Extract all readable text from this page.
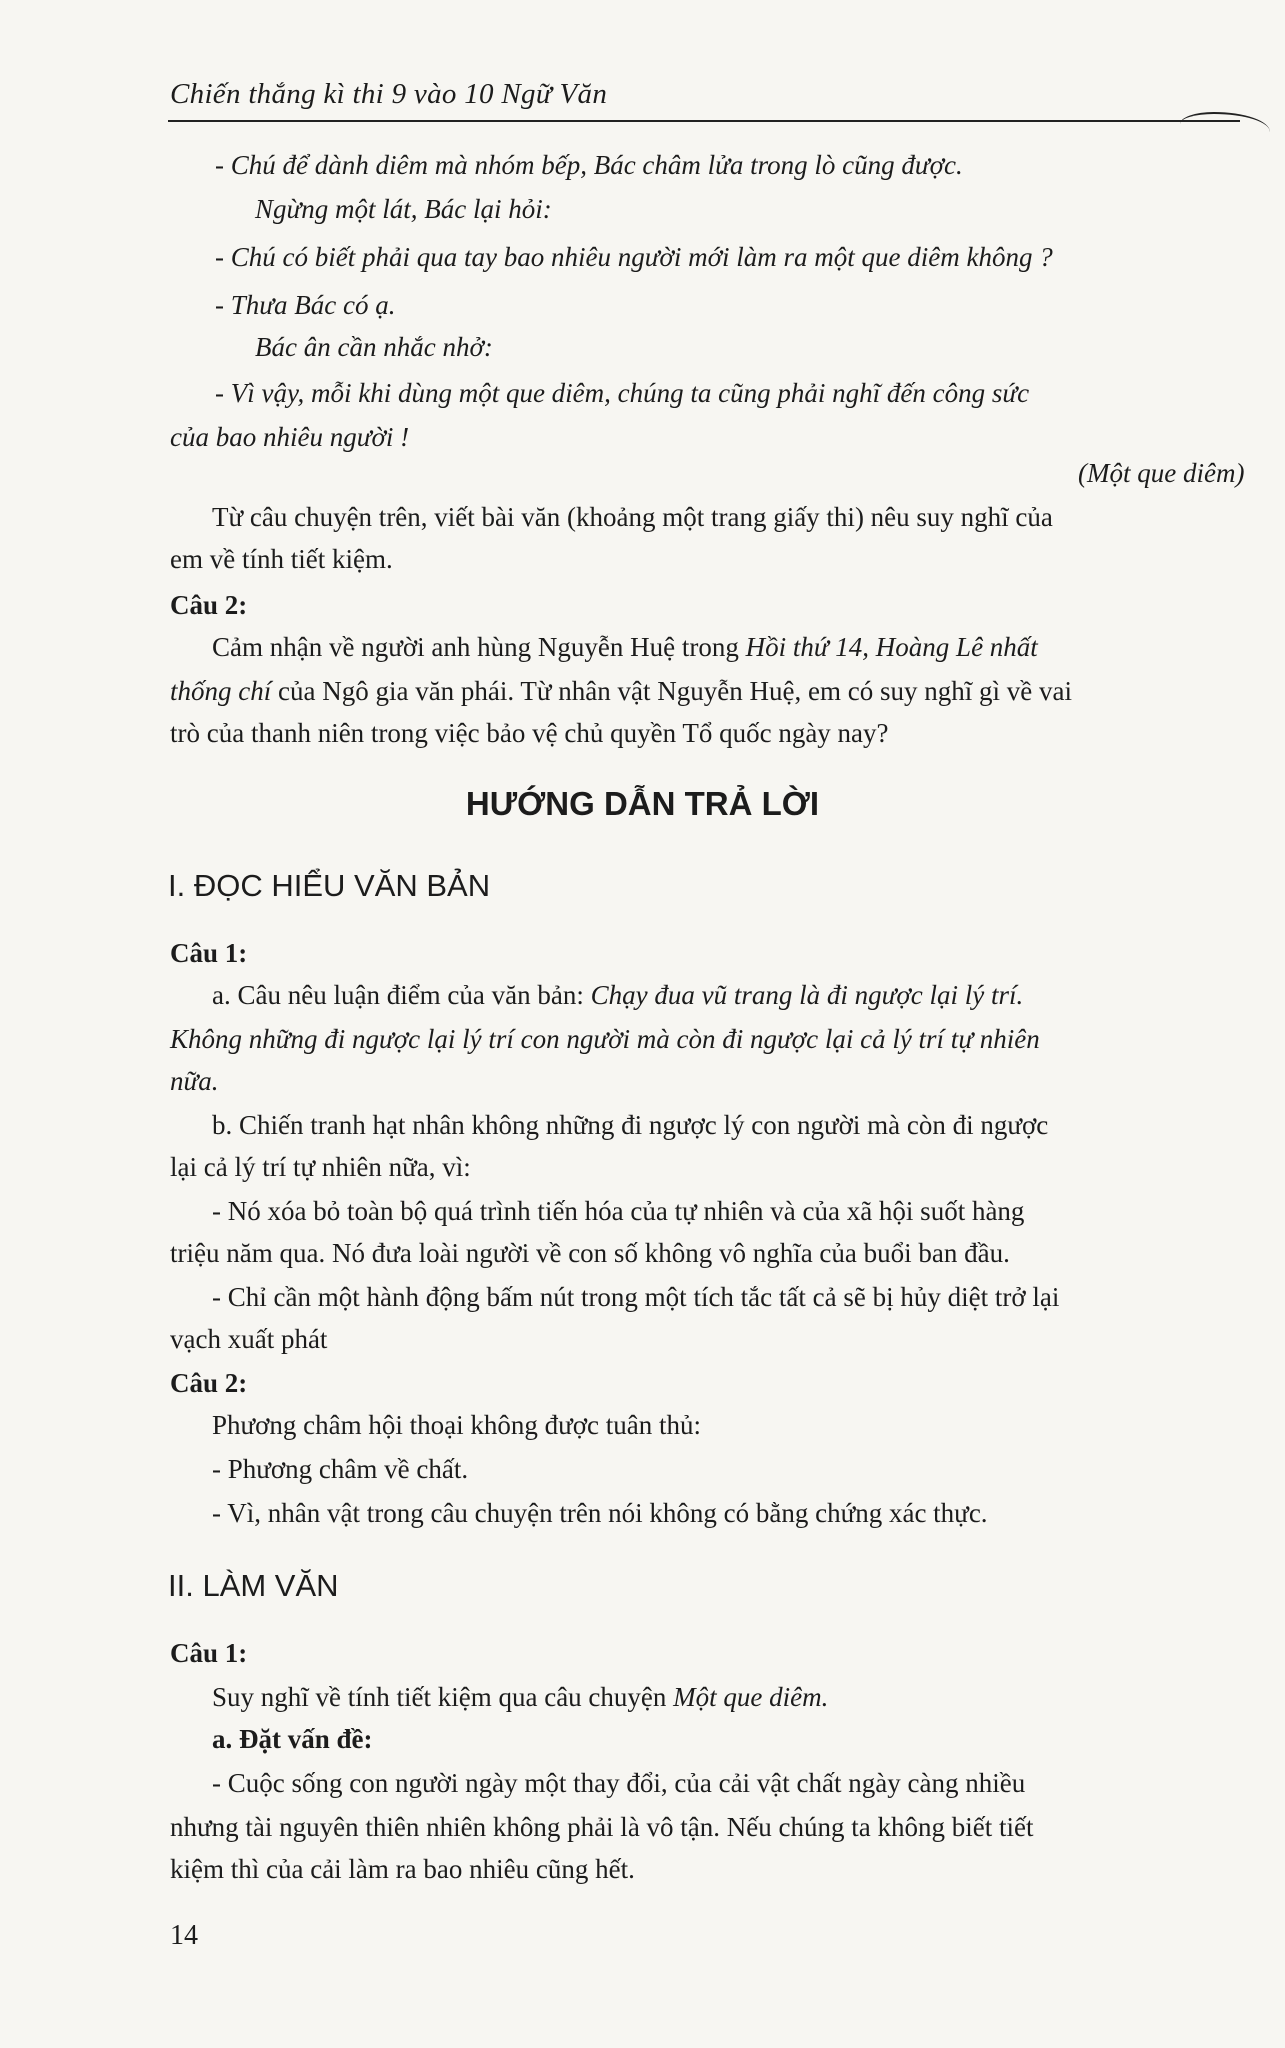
Chiến thắng kì thi 9 vào 10 Ngữ Văn
- Chú để dành diêm mà nhóm bếp, Bác châm lửa trong lò cũng được.
Ngừng một lát, Bác lại hỏi:
- Chú có biết phải qua tay bao nhiêu người mới làm ra một que diêm không ?
- Thưa Bác có ạ.
Bác ân cần nhắc nhở:
- Vì vậy, mỗi khi dùng một que diêm, chúng ta cũng phải nghĩ đến công sức
của bao nhiêu người !
(Một que diêm)
Từ câu chuyện trên, viết bài văn (khoảng một trang giấy thi) nêu suy nghĩ của
em về tính tiết kiệm.
Câu 2:
Cảm nhận về người anh hùng Nguyễn Huệ trong Hồi thứ 14, Hoàng Lê nhất
thống chí của Ngô gia văn phái. Từ nhân vật Nguyễn Huệ, em có suy nghĩ gì về vai
trò của thanh niên trong việc bảo vệ chủ quyền Tổ quốc ngày nay?
HƯỚNG DẪN TRẢ LỜI
I. ĐỌC HIỂU VĂN BẢN
Câu 1:
a. Câu nêu luận điểm của văn bản: Chạy đua vũ trang là đi ngược lại lý trí.
Không những đi ngược lại lý trí con người mà còn đi ngược lại cả lý trí tự nhiên
nữa.
b. Chiến tranh hạt nhân không những đi ngược lý con người mà còn đi ngược
lại cả lý trí tự nhiên nữa, vì:
- Nó xóa bỏ toàn bộ quá trình tiến hóa của tự nhiên và của xã hội suốt hàng
triệu năm qua. Nó đưa loài người về con số không vô nghĩa của buổi ban đầu.
- Chỉ cần một hành động bấm nút trong một tích tắc tất cả sẽ bị hủy diệt trở lại
vạch xuất phát
Câu 2:
Phương châm hội thoại không được tuân thủ:
- Phương châm về chất.
- Vì, nhân vật trong câu chuyện trên nói không có bằng chứng xác thực.
II. LÀM VĂN
Câu 1:
Suy nghĩ về tính tiết kiệm qua câu chuyện Một que diêm.
a. Đặt vấn đề:
- Cuộc sống con người ngày một thay đổi, của cải vật chất ngày càng nhiều
nhưng tài nguyên thiên nhiên không phải là vô tận. Nếu chúng ta không biết tiết
kiệm thì của cải làm ra bao nhiêu cũng hết.
14
